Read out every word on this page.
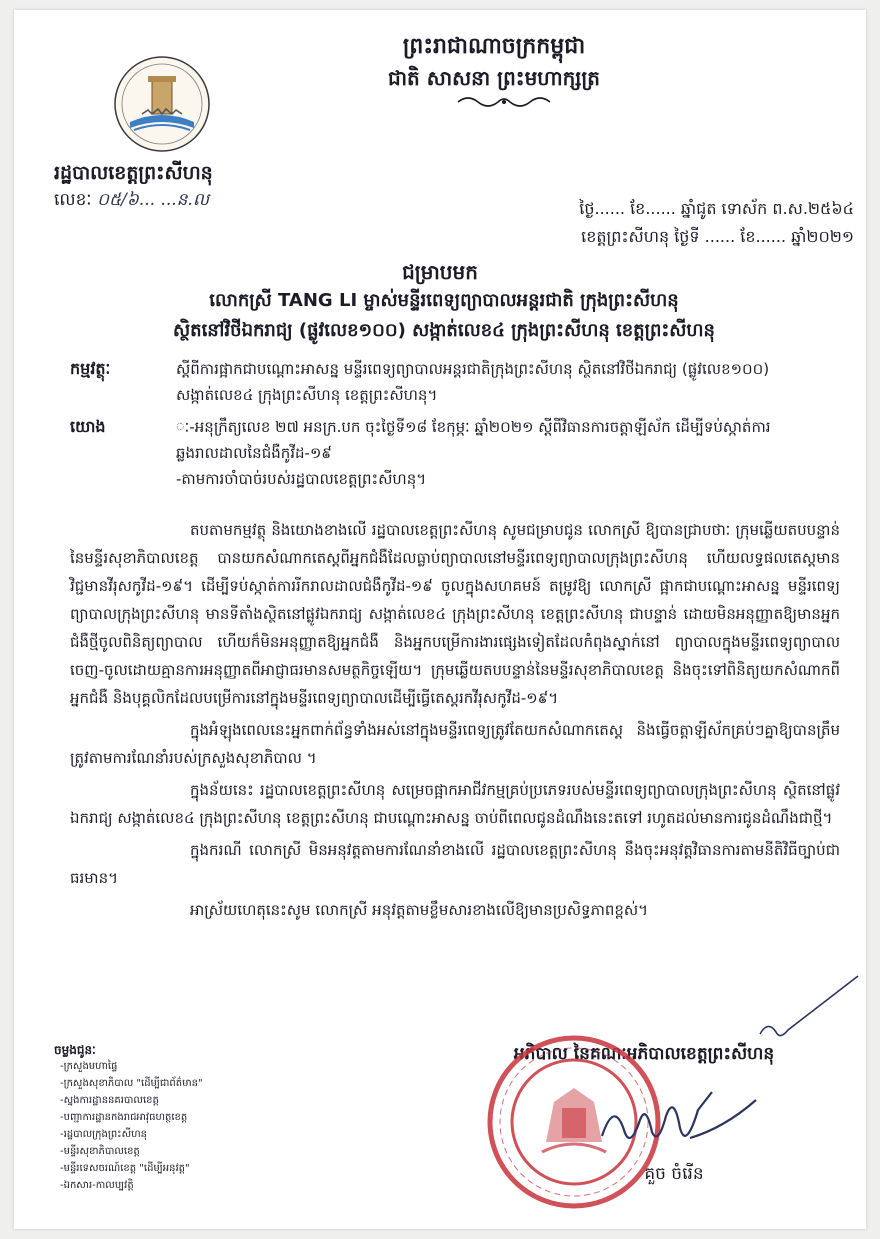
ព្រះរាជាណាចក្រកម្ពុជា
ជាតិ សាសនា ព្រះមហាក្សត្រ
រដ្ឋបាលខេត្តព្រះសីហនុ
លេខៈ ០៥/៦... ...ន.ល	ថ្ងៃ...... ខែ...... ឆ្នាំជូត ទោស័ក ព.ស.២៥៦៤
ខេត្តព្រះសីហនុ ថ្ងៃទី ...... ខែ...... ឆ្នាំ២០២១
ជម្រាបមក
លោកស្រី TANG LI ម្ចាស់មន្ទីរពេទ្យព្យាបាលអន្តរជាតិ ក្រុងព្រះសីហនុ
ស្ថិតនៅវិថីឯករាជ្យ (ផ្លូវលេខ១០០) សង្កាត់លេខ៤ ក្រុងព្រះសីហនុ ខេត្តព្រះសីហនុ
កម្មវត្ថុៈ	ស្តីពីការផ្អាកជាបណ្តោះអាសន្ន មន្ទីរពេទ្យព្យាបាលអន្តរជាតិក្រុងព្រះសីហនុ ស្ថិតនៅវិថីឯករាជ្យ (ផ្លូវលេខ១០០) សង្កាត់លេខ៤ ក្រុងព្រះសីហនុ ខេត្តព្រះសីហនុ។
យោង	ៈ-អនុក្រឹត្យលេខ ២៧ អនក្រ.បក ចុះថ្ងៃទី១៨ ខែកុម្ភៈ ឆ្នាំ២០២១ ស្តីពីវិធានការចត្តាឡីស័ក ដើម្បីទប់ស្កាត់ការឆ្លងរាលដាលនៃជំងឺកូវីដ-១៩
-តាមការចាំបាច់របស់រដ្ឋបាលខេត្តព្រះសីហនុ។

តបតាមកម្មវត្ថុ និងយោងខាងលើ រដ្ឋបាលខេត្តព្រះសីហនុ សូមជម្រាបជូន លោកស្រី ឱ្យបានជ្រាបថាៈ ក្រុមឆ្លើយតបបន្ទាន់នៃមន្ទីរសុខាភិបាលខេត្ត បានយកសំណាកតេស្តពីអ្នកជំងឺដែលធ្លាប់ព្យាបាលនៅមន្ទីរពេទ្យព្យាបាលក្រុងព្រះសីហនុ ហើយលទ្ធផលតេស្តមាន វិជ្ជមានវីរុសកូវីដ-១៩។ ដើម្បីទប់ស្កាត់ការរីករាលដាលជំងឺកូវីដ-១៩ ចូលក្នុងសហគមន៍ តម្រូវឱ្យ លោកស្រី ផ្អាកជាបណ្តោះអាសន្ន មន្ទីរពេទ្យព្យាបាលក្រុងព្រះសីហនុ មានទីតាំងស្ថិតនៅផ្លូវឯករាជ្យ សង្កាត់លេខ៤ ក្រុងព្រះសីហនុ ខេត្តព្រះសីហនុ ជាបន្ទាន់ ដោយមិនអនុញ្ញាតឱ្យមានអ្នកជំងឺថ្មីចូលពិនិត្យព្យាបាល ហើយក៏មិនអនុញ្ញាតឱ្យអ្នកជំងឺ និងអ្នកបម្រើការងារផ្សេងទៀតដែលកំពុងស្នាក់នៅ ព្យាបាលក្នុងមន្ទីរពេទ្យព្យាបាលចេញ-ចូលដោយគ្មានការអនុញ្ញាតពីអាជ្ញាធរមានសមត្ថកិច្ចឡើយ។ ក្រុមឆ្លើយតបបន្ទាន់នៃមន្ទីរសុខាភិបាលខេត្ត និងចុះទៅពិនិត្យយកសំណាកពីអ្នកជំងឺ និងបុគ្គលិកដែលបម្រើការនៅក្នុងមន្ទីរពេទ្យព្យាបាលដើម្បីធ្វើតេស្តរកវីរុសកូវីដ-១៩។

ក្នុងអំឡុងពេលនេះអ្នកពាក់ព័ន្ធទាំងអស់នៅក្នុងមន្ទីរពេទ្យត្រូវតែយកសំណាកតេស្ត និងធ្វើចត្តាឡីស័កគ្រប់ៗគ្នាឱ្យបានត្រឹមត្រូវតាមការណែនាំរបស់ក្រសួងសុខាភិបាល ។

ក្នុងន័យនេះ រដ្ឋបាលខេត្តព្រះសីហនុ សម្រេចផ្អាកអាជីវកម្មគ្រប់ប្រភេទរបស់មន្ទីរពេទ្យព្យាបាលក្រុងព្រះសីហនុ ស្ថិតនៅផ្លូវឯករាជ្យ សង្កាត់លេខ៤ ក្រុងព្រះសីហនុ ខេត្តព្រះសីហនុ ជាបណ្តោះអាសន្ន ចាប់ពីពេលជូនដំណឹងនេះតទៅ រហូតដល់មានការជូនដំណឹងជាថ្មី។

ក្នុងករណី លោកស្រី មិនអនុវត្តតាមការណែនាំខាងលើ រដ្ឋបាលខេត្តព្រះសីហនុ នឹងចុះអនុវត្តវិធានការតាមនីតិវិធីច្បាប់ជាធរមាន។

អាស្រ័យហេតុនេះសូម លោកស្រី អនុវត្តតាមខ្លឹមសារខាងលើឱ្យមានប្រសិទ្ធភាពខ្ពស់។

ចម្លងជូនៈ
-ក្រសួងមហាផ្ទៃ
-ក្រសួងសុខាភិបាល "ដើម្បីជាព័ត៌មាន"
-ស្នងការដ្ឋាននគរបាលខេត្ត
-បញ្ជាការដ្ឋានកងរាជអាវុធហត្ថខេត្ត
-រដ្ឋបាលក្រុងព្រះសីហនុ
-មន្ទីរសុខាភិបាលខេត្ត
-មន្ទីរទេសចរណ៍ខេត្ត "ដើម្បីអនុវត្ត"
-ឯកសារ-កាលប្បវត្តិ
អភិបាល នៃគណៈអភិបាលខេត្តព្រះសីហនុ
គួច ចំរើន
